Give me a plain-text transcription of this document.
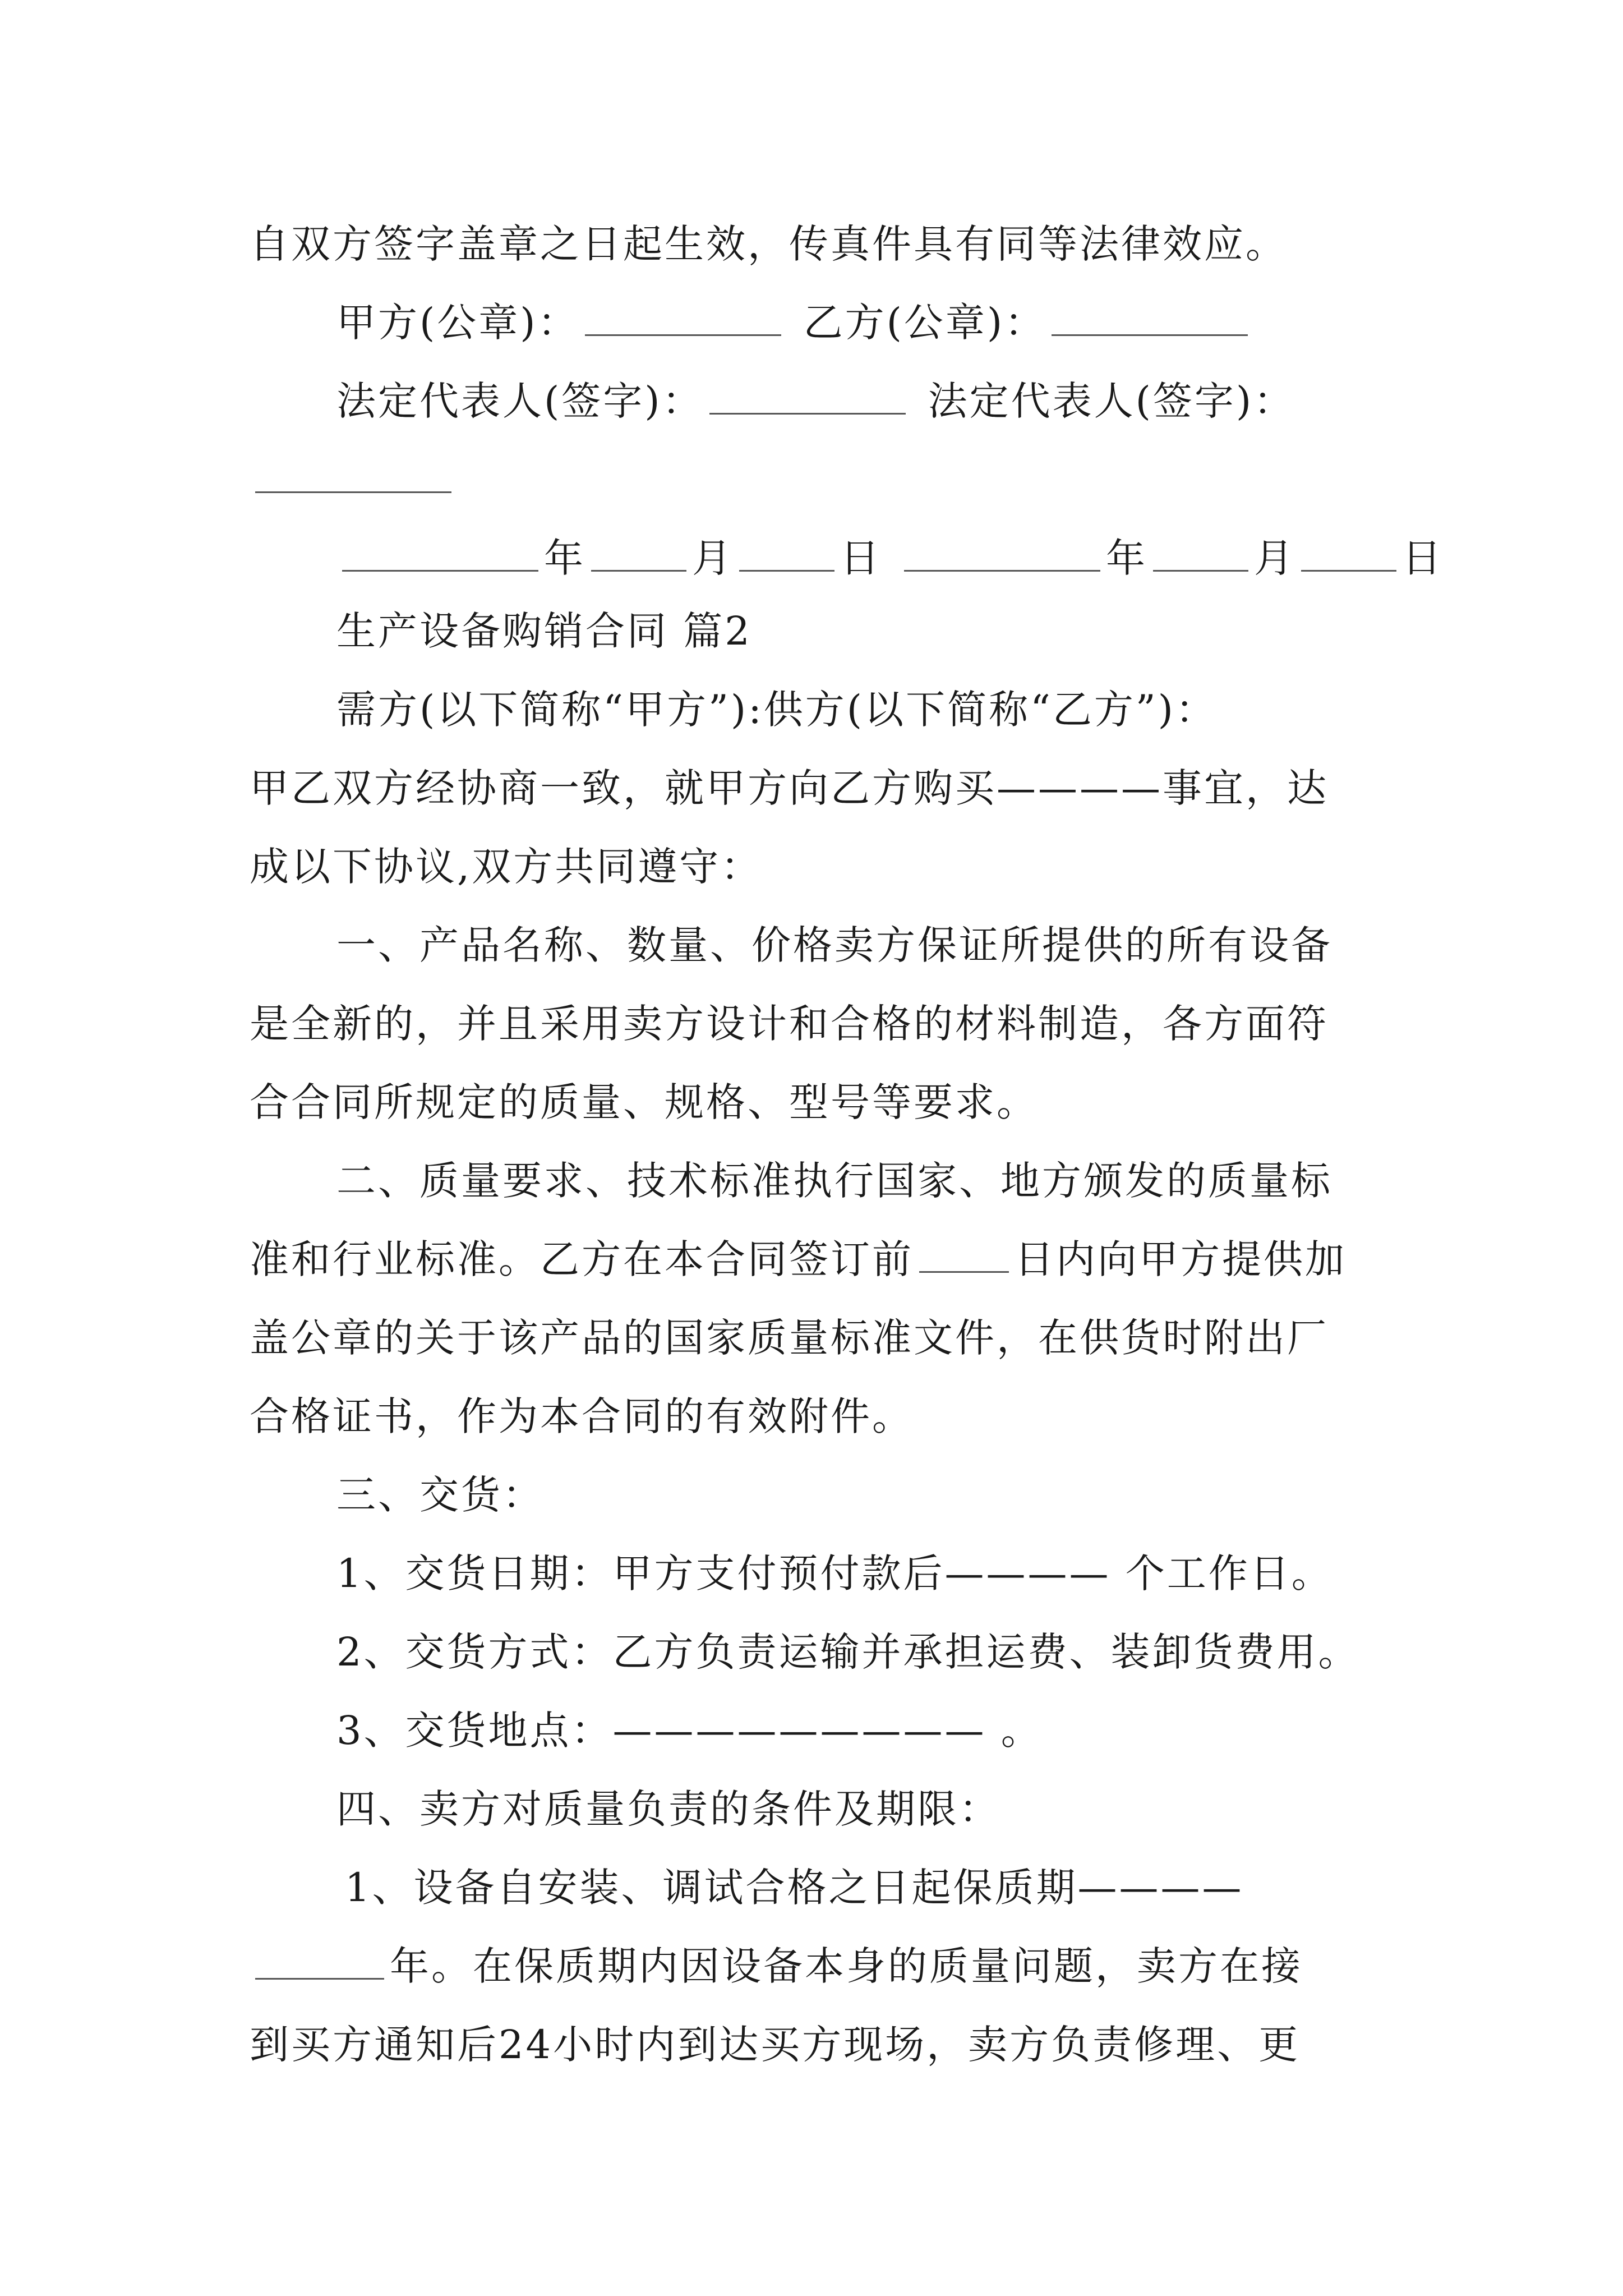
自双方签字盖章之日起生效，传真件具有同等法律效应。
甲方(公章)：	乙方(公章)：
法定代表人(签字)：	法定代表人(签字)：
年	月	日	年	月	日
生产设备购销合同 篇2
需方(以下简称“甲方”):供方(以下简称“乙方”)：
甲乙双方经协商一致，就甲方向乙方购买————事宜，达
成以下协议,双方共同遵守：
一、产品名称、数量、价格卖方保证所提供的所有设备
是全新的，并且采用卖方设计和合格的材料制造，各方面符
合合同所规定的质量、规格、型号等要求。
二、质量要求、技术标准执行国家、地方颁发的质量标
准和行业标准。乙方在本合同签订前	日内向甲方提供加
盖公章的关于该产品的国家质量标准文件，在供货时附出厂
合格证书，作为本合同的有效附件。
三、交货：
1、交货日期：甲方支付预付款后———— 个工作日。
2、交货方式：乙方负责运输并承担运费、装卸货费用。
3、交货地点：————————— 。
四、卖方对质量负责的条件及期限：
1、设备自安装、调试合格之日起保质期————
年。在保质期内因设备本身的质量问题，卖方在接
到买方通知后24小时内到达买方现场，卖方负责修理、更
